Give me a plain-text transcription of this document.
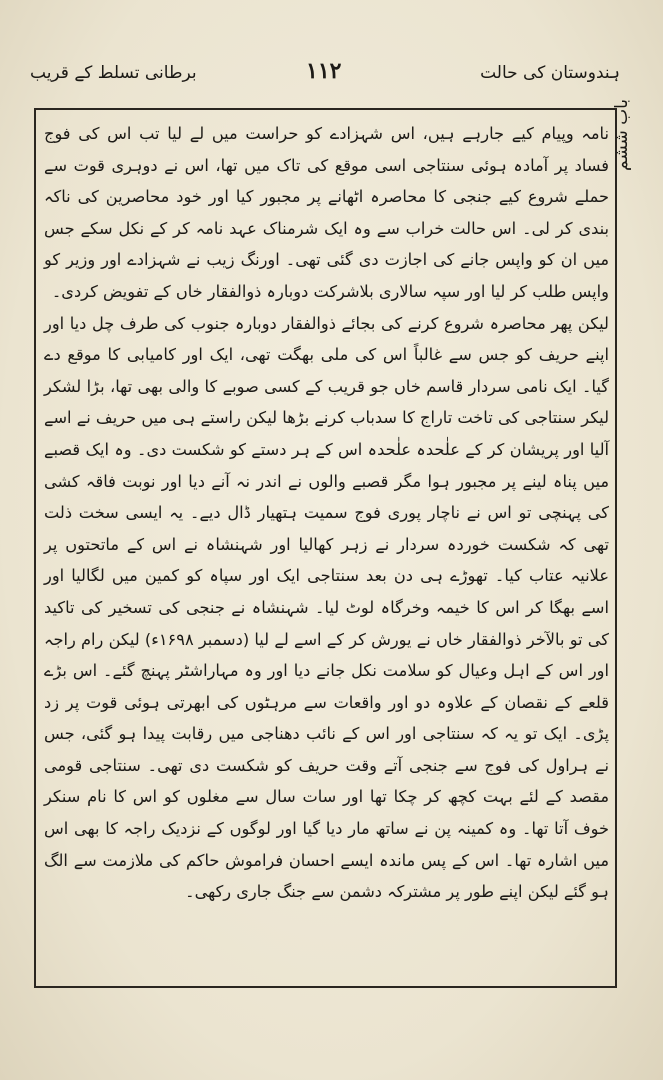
برطانی تسلط کے قریب	١١٢	ہندوستان کی حالت
باب ششم

نامہ وپیام کیے جارہے ہیں، اس شہزادے کو حراست میں لے لیا تب اس کی فوج فساد پر آمادہ ہوئی سنتاجی اسی موقع کی تاک میں تھا، اس نے دوہری قوت سے حملے شروع کیے جنجی کا محاصرہ اٹھانے پر مجبور کیا اور خود محاصرین کی ناکہ بندی کر لی۔ اس حالت خراب سے وہ ایک شرمناک عہد نامہ کر کے نکل سکے جس میں ان کو واپس جانے کی اجازت دی گئی تھی۔ اورنگ زیب نے شہزادے اور وزیر کو واپس طلب کر لیا اور سپہ سالاری بلاشرکت دوبارہ ذوالفقار خاں کے تفویض کردی۔

لیکن پھر محاصرہ شروع کرنے کی بجائے ذوالفقار دوبارہ جنوب کی طرف چل دیا اور اپنے حریف کو جس سے غالباً اس کی ملی بھگت تھی، ایک اور کامیابی کا موقع دے گیا۔ ایک نامی سردار قاسم خاں جو قریب کے کسی صوبے کا والی بھی تھا، بڑا لشکر لیکر سنتاجی کی تاخت تاراج کا سدباب کرنے بڑھا لیکن راستے ہی میں حریف نے اسے آلیا اور پریشان کر کے علٰحدہ علٰحدہ اس کے ہر دستے کو شکست دی۔ وہ ایک قصبے میں پناہ لینے پر مجبور ہوا مگر قصبے والوں نے اندر نہ آنے دیا اور نوبت فاقہ کشی کی پہنچی تو اس نے ناچار پوری فوج سمیت ہتھیار ڈال دیے۔ یہ ایسی سخت ذلت تھی کہ شکست خوردہ سردار نے زہر کھالیا اور شہنشاہ نے اس کے ماتحتوں پر علانیہ عتاب کیا۔ تھوڑے ہی دن بعد سنتاجی ایک اور سپاہ کو کمین میں لگالیا اور اسے بھگا کر اس کا خیمہ وخرگاہ لوٹ لیا۔ شہنشاہ نے جنجی کی تسخیر کی تاکید کی تو بالآخر ذوالفقار خاں نے یورش کر کے اسے لے لیا (دسمبر ۱۶۹۸ء) لیکن رام راجہ اور اس کے اہل وعیال کو سلامت نکل جانے دیا اور وہ مہاراشٹر پہنچ گئے۔ اس بڑے قلعے کے نقصان کے علاوہ دو اور واقعات سے مرہٹوں کی ابھرتی ہوئی قوت پر زد پڑی۔ ایک تو یہ کہ سنتاجی اور اس کے نائب دھناجی میں رقابت پیدا ہو گئی، جس نے ہراول کی فوج سے جنجی آتے وقت حریف کو شکست دی تھی۔ سنتاجی قومی مقصد کے لئے بہت کچھ کر چکا تھا اور سات سال سے مغلوں کو اس کا نام سنکر خوف آتا تھا۔ وہ کمینہ پن نے ساتھ مار دیا گیا اور لوگوں کے نزدیک راجہ کا بھی اس میں اشارہ تھا۔ اس کے پس ماندہ ایسے احسان فراموش حاکم کی ملازمت سے الگ ہو گئے لیکن اپنے طور پر مشترکہ دشمن سے جنگ جاری رکھی۔
